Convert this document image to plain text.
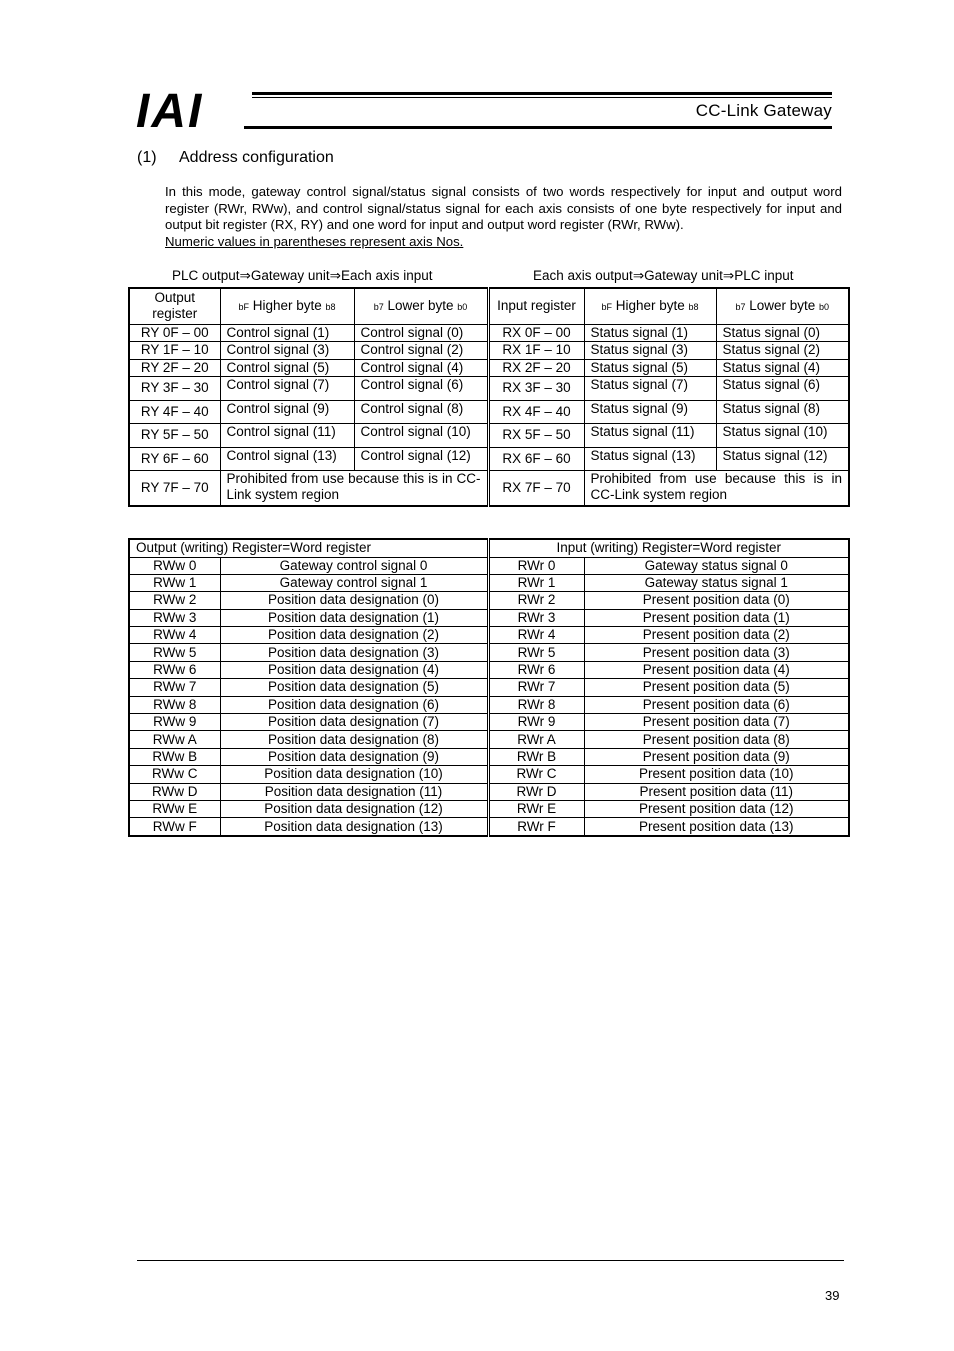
IAI	CC-Link Gateway
(1) Address configuration
In this mode, gateway control signal/status signal consists of two words respectively for input and output word register (RWr, RWw), and control signal/status signal for each axis consists of one byte respectively for input and output bit register (RX, RY) and one word for input and output word register (RWr, RWw).
Numeric values in parentheses represent axis Nos.
PLC output⇒Gateway unit⇒Each axis input	Each axis output⇒Gateway unit⇒PLC input
Output register	bF Higher byte b8	b7 Lower byte b0	Input register	bF Higher byte b8	b7 Lower byte b0
RY 0F – 00	Control signal (1)	Control signal (0)	RX 0F – 00	Status signal (1)	Status signal (0)
RY 1F – 10	Control signal (3)	Control signal (2)	RX 1F – 10	Status signal (3)	Status signal (2)
RY 2F – 20	Control signal (5)	Control signal (4)	RX 2F – 20	Status signal (5)	Status signal (4)
RY 3F – 30	Control signal (7)	Control signal (6)	RX 3F – 30	Status signal (7)	Status signal (6)
RY 4F – 40	Control signal (9)	Control signal (8)	RX 4F – 40	Status signal (9)	Status signal (8)
RY 5F – 50	Control signal (11)	Control signal (10)	RX 5F – 50	Status signal (11)	Status signal (10)
RY 6F – 60	Control signal (13)	Control signal (12)	RX 6F – 60	Status signal (13)	Status signal (12)
RY 7F – 70	Prohibited from use because this is in CC-Link system region		RX 7F – 70	Prohibited from use because this is in CC-Link system region	
Output (writing) Register=Word register		Input (writing) Register=Word register	
RWw 0	Gateway control signal 0	RWr 0	Gateway status signal 0
RWw 1	Gateway control signal 1	RWr 1	Gateway status signal 1
RWw 2	Position data designation (0)	RWr 2	Present position data (0)
RWw 3	Position data designation (1)	RWr 3	Present position data (1)
RWw 4	Position data designation (2)	RWr 4	Present position data (2)
RWw 5	Position data designation (3)	RWr 5	Present position data (3)
RWw 6	Position data designation (4)	RWr 6	Present position data (4)
RWw 7	Position data designation (5)	RWr 7	Present position data (5)
RWw 8	Position data designation (6)	RWr 8	Present position data (6)
RWw 9	Position data designation (7)	RWr 9	Present position data (7)
RWw A	Position data designation (8)	RWr A	Present position data (8)
RWw B	Position data designation (9)	RWr B	Present position data (9)
RWw C	Position data designation (10)	RWr C	Present position data (10)
RWw D	Position data designation (11)	RWr D	Present position data (11)
RWw E	Position data designation (12)	RWr E	Present position data (12)
RWw F	Position data designation (13)	RWr F	Present position data (13)
39
